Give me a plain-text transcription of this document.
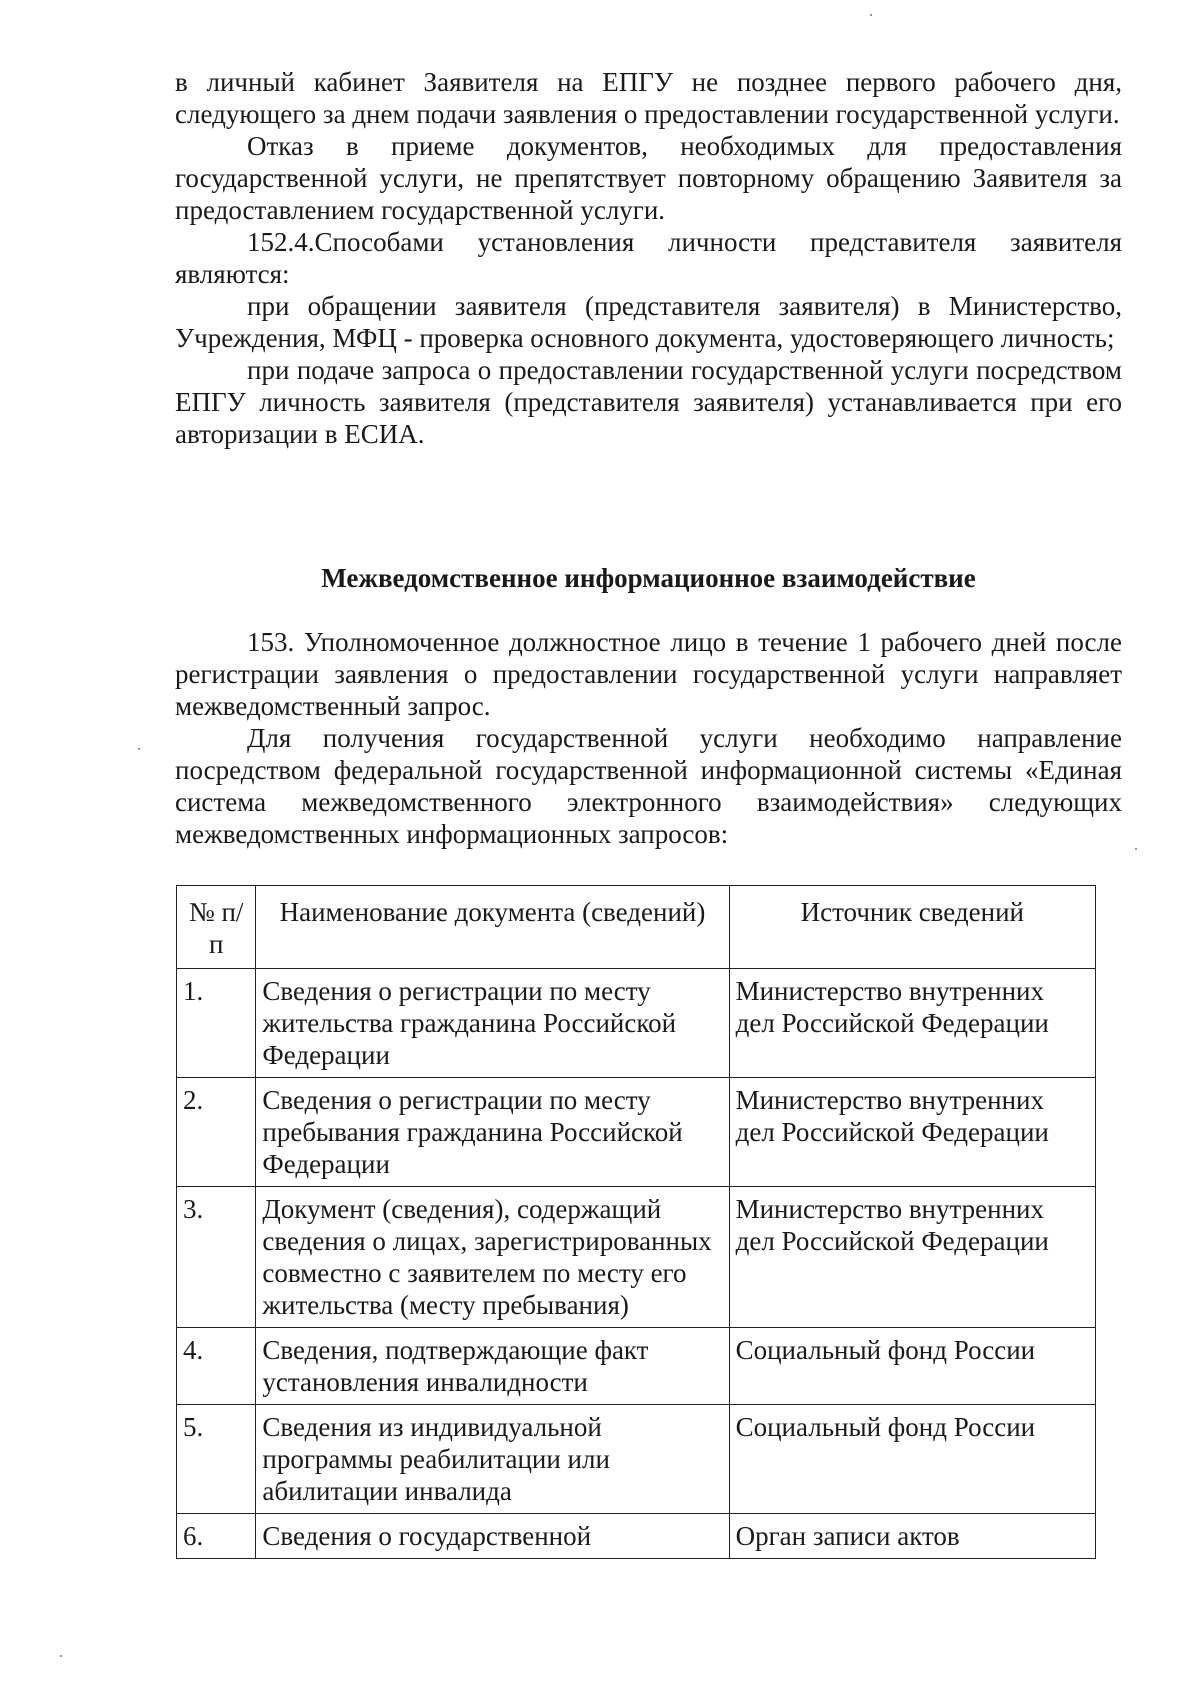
в личный кабинет Заявителя на ЕПГУ не позднее первого рабочего дня, следующего за днем подачи заявления о предоставлении государственной услуги.

Отказ в приеме документов, необходимых для предоставления государственной услуги, не препятствует повторному обращению Заявителя за предоставлением государственной услуги.

152.4.Способами установления личности представителя заявителя являются:

при обращении заявителя (представителя заявителя) в Министерство, Учреждения, МФЦ - проверка основного документа, удостоверяющего личность;

при подаче запроса о предоставлении государственной услуги посредством ЕПГУ личность заявителя (представителя заявителя) устанавливается при его авторизации в ЕСИА.

Межведомственное информационное взаимодействие

153. Уполномоченное должностное лицо в течение 1 рабочего дней после регистрации заявления о предоставлении государственной услуги направляет межведомственный запрос.

Для получения государственной услуги необходимо направление посредством федеральной государственной информационной системы «Единая система межведомственного электронного взаимодействия» следующих межведомственных информационных запросов:

№ п/п	Наименование документа (сведений)	Источник сведений
1.	Сведения о регистрации по месту жительства гражданина Российской Федерации	Министерство внутренних дел Российской Федерации
2.	Сведения о регистрации по месту пребывания гражданина Российской Федерации	Министерство внутренних дел Российской Федерации
3.	Документ (сведения), содержащий сведения о лицах, зарегистрированных совместно с заявителем по месту его жительства (месту пребывания)	Министерство внутренних дел Российской Федерации
4.	Сведения, подтверждающие факт установления инвалидности	Социальный фонд России
5.	Сведения из индивидуальной программы реабилитации или абилитации инвалида	Социальный фонд России
6.	Сведения о государственной	Орган записи актов
